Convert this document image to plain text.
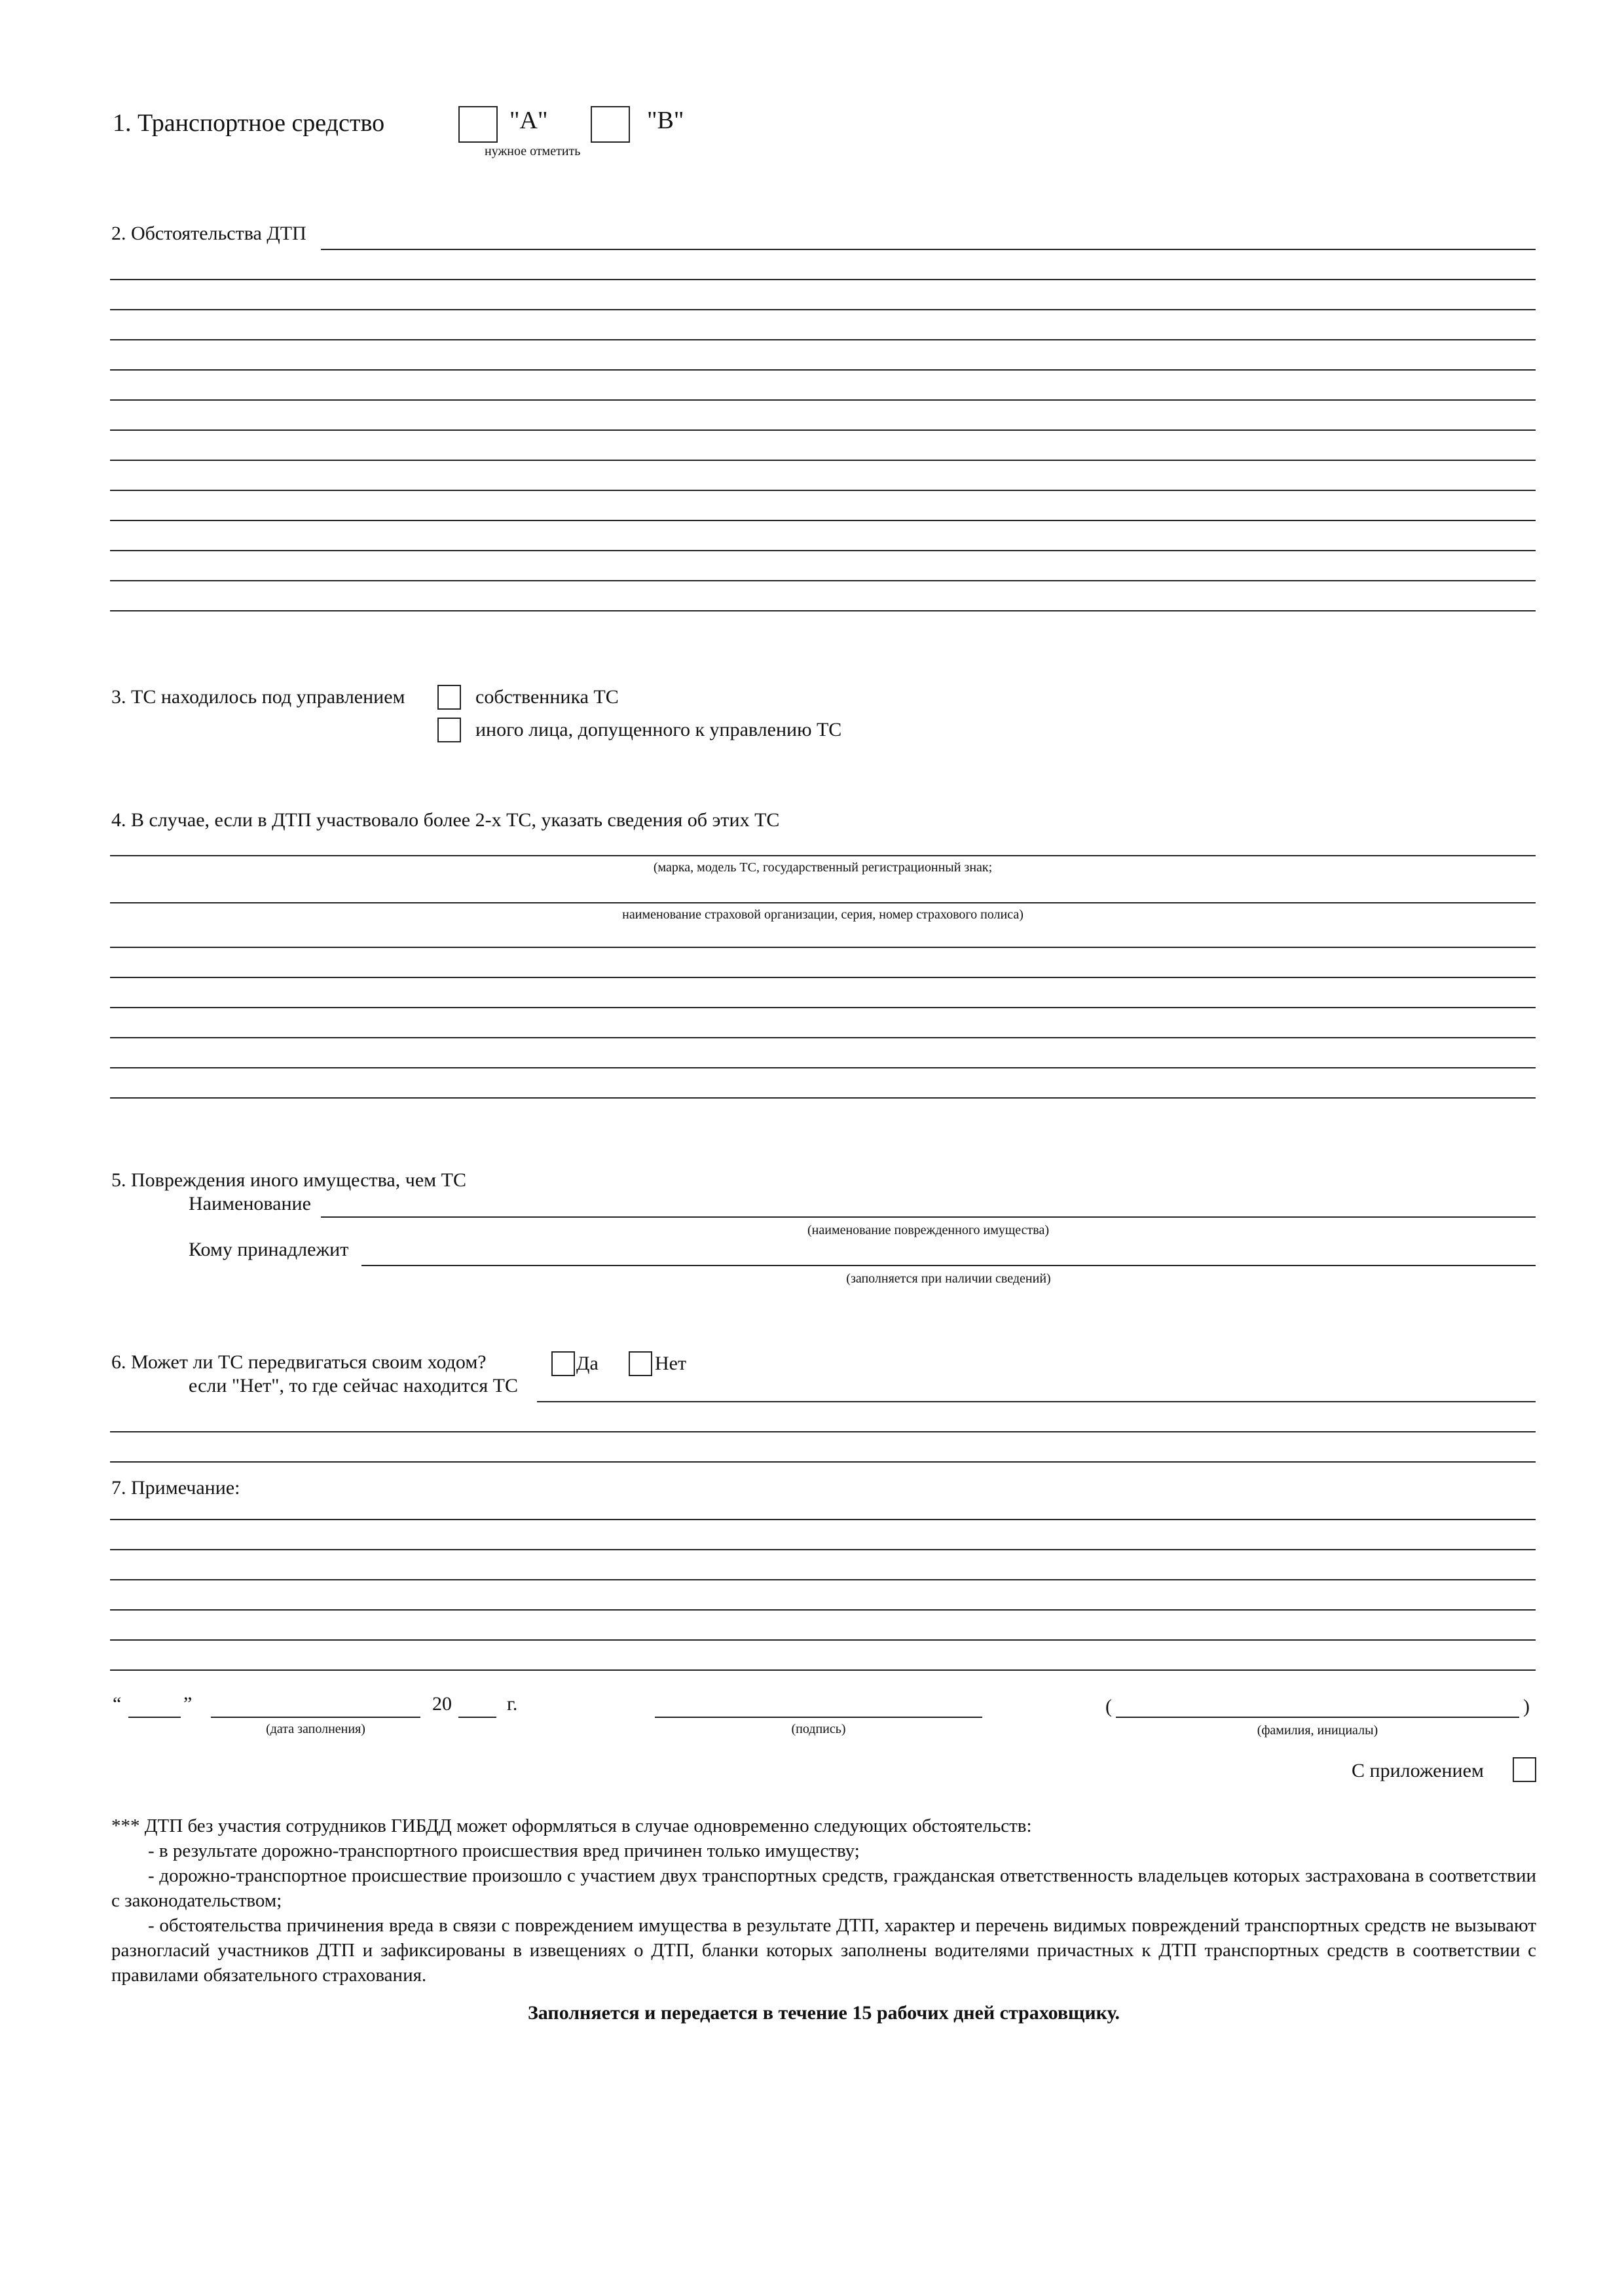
1. Транспортное средство	"А"	"В"
нужное отметить
2. Обстоятельства ДТП
3. ТС находилось под управлением	собственника ТС
иного лица, допущенного к управлению ТС
4. В случае, если в ДТП участвовало более 2-х ТС, указать сведения об этих ТС
(марка, модель ТС, государственный регистрационный знак;
наименование страховой организации, серия, номер страхового полиса)
5. Повреждения иного имущества, чем ТС
Наименование
(наименование поврежденного имущества)
Кому принадлежит
(заполняется при наличии сведений)
6. Может ли ТС передвигаться своим ходом?	Да	Нет
если "Нет", то где сейчас находится ТС
7. Примечание:
“	”
(дата заполнения)
20	г.
(подпись)
(
(фамилия, инициалы)
)
С приложением
*** ДТП без участия сотрудников ГИБДД может оформляться в случае одновременно следующих обстоятельств:
- в результате дорожно-транспортного происшествия вред причинен только имуществу;
- дорожно-транспортное происшествие произошло с участием двух транспортных средств, гражданская ответственность владельцев которых застрахована в соответствии с законодательством;
- обстоятельства причинения вреда в связи с повреждением имущества в результате ДТП, характер и перечень видимых повреждений транспортных средств не вызывают разногласий участников ДТП и зафиксированы в извещениях о ДТП, бланки которых заполнены водителями причастных к ДТП транспортных средств в соответствии с правилами обязательного страхования.
Заполняется и передается в течение 15 рабочих дней страховщику.
